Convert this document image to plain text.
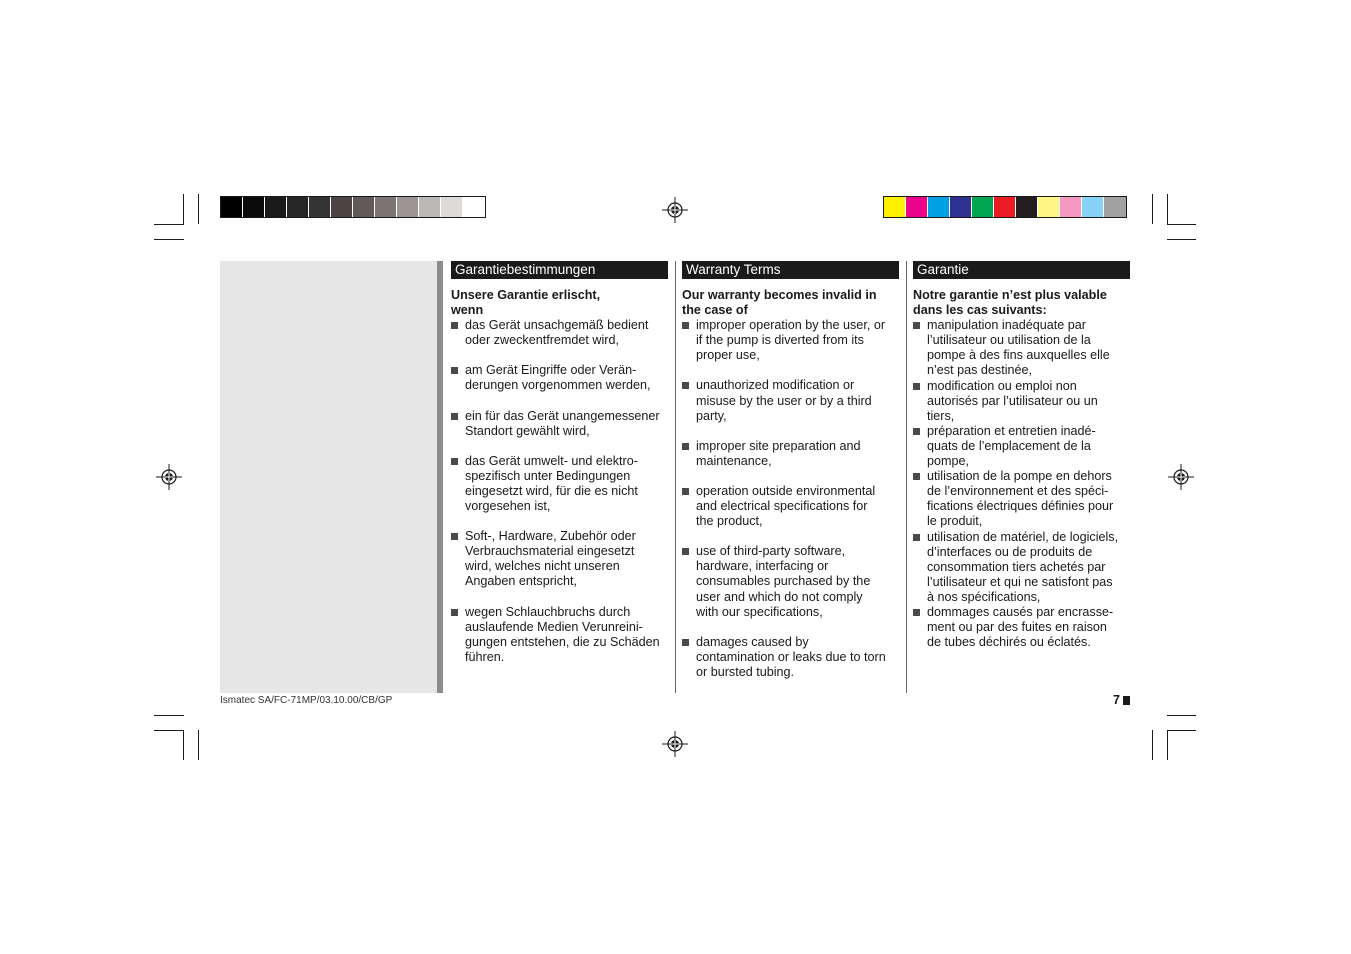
Garantiebestimmungen
Unsere Garantie erlischt,
wenn
das Gerät unsachgemäß bedient
oder zweckentfremdet wird,
am Gerät Eingriffe oder Verän-
derungen vorgenommen werden,
ein für das Gerät unangemessener
Standort gewählt wird,
das Gerät umwelt- und elektro-
spezifisch unter Bedingungen
eingesetzt wird, für die es nicht
vorgesehen ist,
Soft-, Hardware, Zubehör oder
Verbrauchsmaterial eingesetzt
wird, welches nicht unseren
Angaben entspricht,
wegen Schlauchbruchs durch
auslaufende Medien Verunreini-
gungen entstehen, die zu Schäden
führen.
Warranty Terms
Our warranty becomes invalid in
the case of
improper operation by the user, or
if the pump is diverted from its
proper use,
unauthorized modification or
misuse by the user or by a third
party,
improper site preparation and
maintenance,
operation outside environmental
and electrical specifications for
the product,
use of third-party software,
hardware, interfacing or
consumables purchased by the
user and which do not comply
with our specifications,
damages caused by
contamination or leaks due to torn
or bursted tubing.
Garantie
Notre garantie n’est plus valable
dans les cas suivants:
manipulation inadéquate par
l’utilisateur ou utilisation de la
pompe à des fins auxquelles elle
n’est pas destinée,
modification ou emploi non
autorisés par l’utilisateur ou un
tiers,
préparation et entretien inadé-
quats de l’emplacement de la
pompe,
utilisation de la pompe en dehors
de l’environnement et des spéci-
fications électriques définies pour
le produit,
utilisation de matériel, de logiciels,
d’interfaces ou de produits de
consommation tiers achetés par
l’utilisateur et qui ne satisfont pas
à nos spécifications,
dommages causés par encrasse-
ment ou par des fuites en raison
de tubes déchirés ou éclatés.
Ismatec SA/FC-71MP/03.10.00/CB/GP	7
